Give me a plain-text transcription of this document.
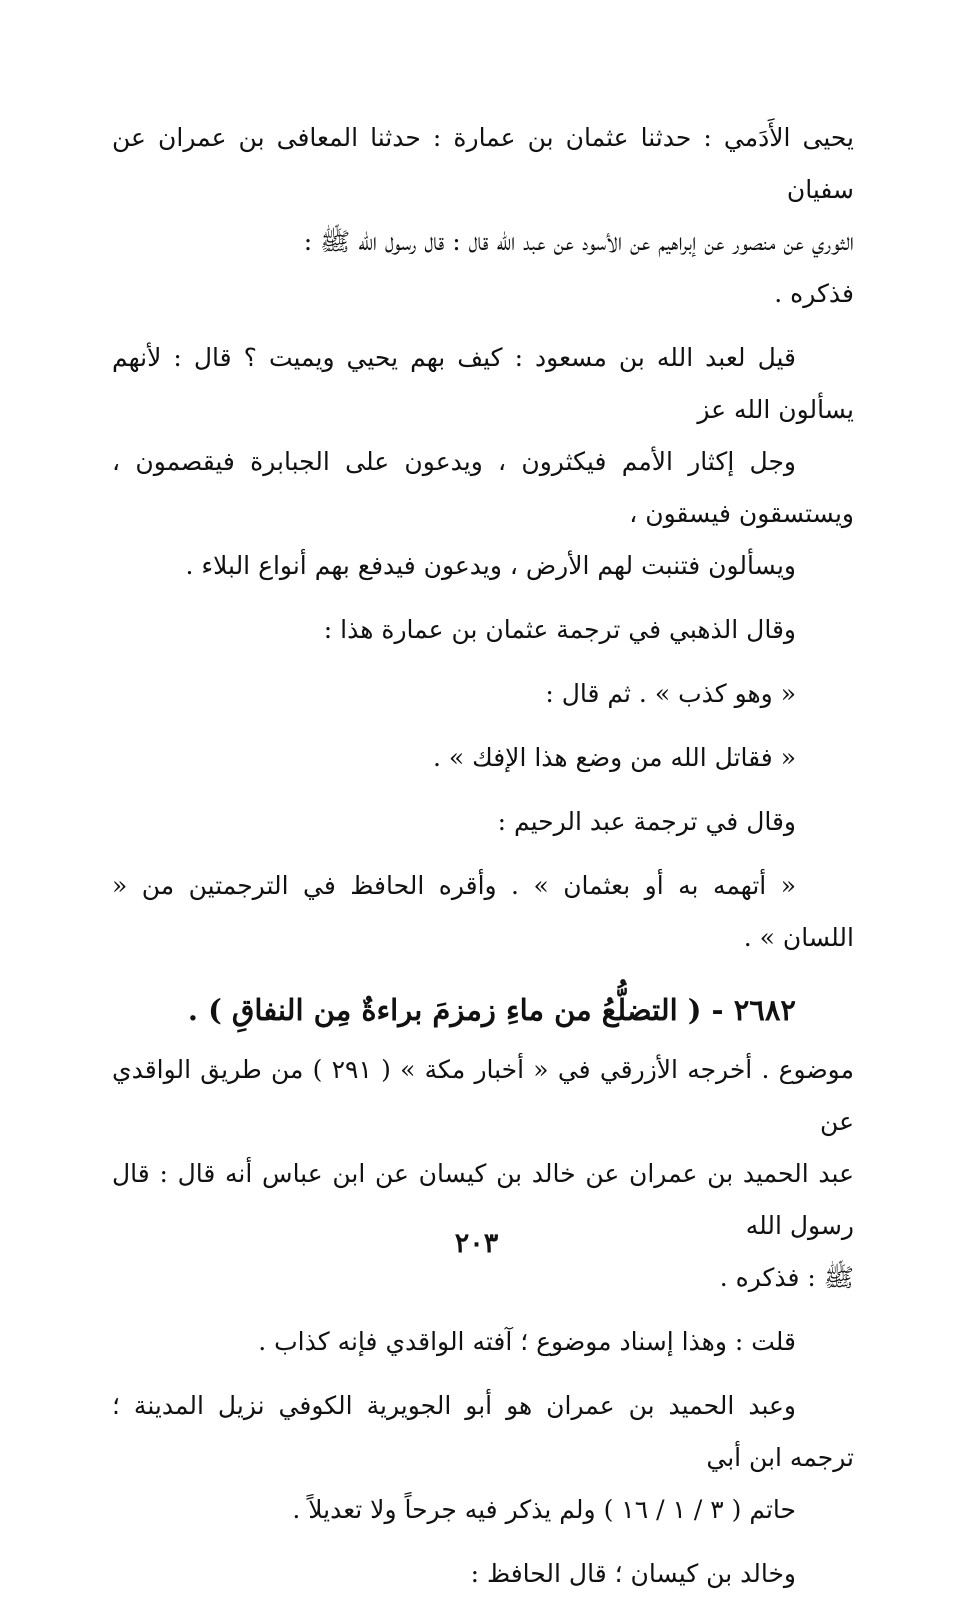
يحيى الأَدَمي : حدثنا عثمان بن عمارة : حدثنا المعافى بن عمران عن سفيان
الثوري عن منصور عن إبراهيم عن الأسود عن عبد الله قال : قال رسول الله ﷺ :
فذكره .
قيل لعبد الله بن مسعود : كيف بهم يحيي ويميت ؟ قال : لأنهم يسألون الله عز
وجل إكثار الأمم فيكثرون ، ويدعون على الجبابرة فيقصمون ، ويستسقون فيسقون ،
ويسألون فتنبت لهم الأرض ، ويدعون فيدفع بهم أنواع البلاء .
وقال الذهبي في ترجمة عثمان بن عمارة هذا :
« وهو كذب » . ثم قال :
« فقاتل الله من وضع هذا الإفك » .
وقال في ترجمة عبد الرحيم :
« أتهمه به أو بعثمان » . وأقره الحافظ في الترجمتين من « اللسان » .
٢٦٨٢ - ( التضلُّعُ من ماءِ زمزمَ براءةٌ مِن النفاقِ ) .
موضوع . أخرجه الأزرقي في « أخبار مكة » ( ٢٩١ ) من طريق الواقدي عن
عبد الحميد بن عمران عن خالد بن كيسان عن ابن عباس أنه قال : قال رسول الله
ﷺ : فذكره .
قلت : وهذا إسناد موضوع ؛ آفته الواقدي فإنه كذاب .
وعبد الحميد بن عمران هو أبو الجويرية الكوفي نزيل المدينة ؛ ترجمه ابن أبي
حاتم ( ٣ / ١ / ١٦ ) ولم يذكر فيه جرحاً ولا تعديلاً .
وخالد بن كيسان ؛ قال الحافظ :
٢٠٣
